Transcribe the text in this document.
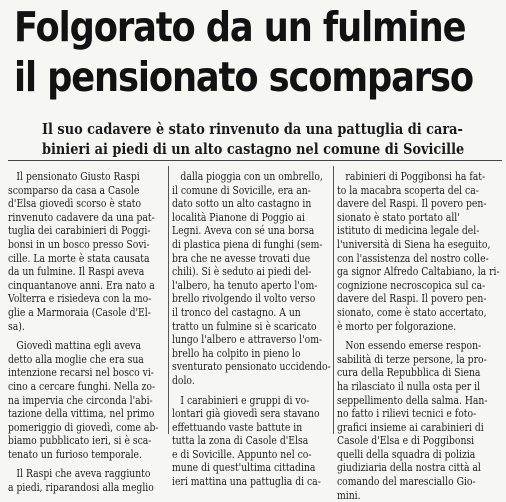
Folgorato da un fulmine
il pensionato scomparso
Il suo cadavere è stato rinvenuto da una pattuglia di cara-
binieri ai piedi di un alto castagno nel comune di Sovicille
Il pensionato Giusto Raspi
scomparso da casa a Casole
d'Elsa giovedì scorso è stato
rinvenuto cadavere da una pat-
tuglia dei carabinieri di Poggi-
bonsi in un bosco presso Sovi-
cille. La morte è stata causata
da un fulmine. Il Raspi aveva
cinquantanove anni. Era nato a
Volterra e risiedeva con la mo-
glie a Marmoraia (Casole d'El-
sa).
Giovedì mattina egli aveva
detto alla moglie che era sua
intenzione recarsi nel bosco vi-
cino a cercare funghi. Nella zo-
na impervia che circonda l'abi-
tazione della vittima, nel primo
pomeriggio di giovedì, come ab-
biamo pubblicato ieri, si è sca-
tenato un furioso temporale.
Il Raspi che aveva raggiunto
a piedi, riparandosi alla meglio
dalla pioggia con un ombrello,
il comune di Sovicille, era an-
dato sotto un alto castagno in
località Pianone di Poggio ai
Legni. Aveva con sé una borsa
di plastica piena di funghi (sem-
bra che ne avesse trovati due
chili). Si è seduto ai piedi del-
l'albero, ha tenuto aperto l'om-
brello rivolgendo il volto verso
il tronco del castagno. A un
tratto un fulmine si è scaricato
lungo l'albero e attraverso l'om-
brello ha colpito in pieno lo
sventurato pensionato uccidendo-
dolo.
I carabinieri e gruppi di vo-
lontari già giovedì sera stavano
effettuando vaste battute in
tutta la zona di Casole d'Elsa
e di Sovicille. Appunto nel co-
mune di quest'ultima cittadina
ieri mattina una pattuglia di ca-
rabinieri di Poggibonsi ha fat-
to la macabra scoperta del ca-
davere del Raspi. Il povero pen-
sionato è stato portato all'
istituto di medicina legale del-
l'università di Siena ha eseguito,
con l'assistenza del nostro colle-
ga signor Alfredo Caltabiano, la ri-
cognizione necroscopica sul ca-
davere del Raspi. Il povero pen-
sionato, come è stato accertato,
è morto per folgorazione.
Non essendo emerse respon-
sabilità di terze persone, la pro-
cura della Repubblica di Siena
ha rilasciato il nulla osta per il
seppellimento della salma. Han-
no fatto i rilievi tecnici e foto-
grafici insieme ai carabinieri di
Casole d'Elsa e di Poggibonsi
quelli della squadra di polizia
giudiziaria della nostra città al
comando del maresciallo Gio-
mini.
